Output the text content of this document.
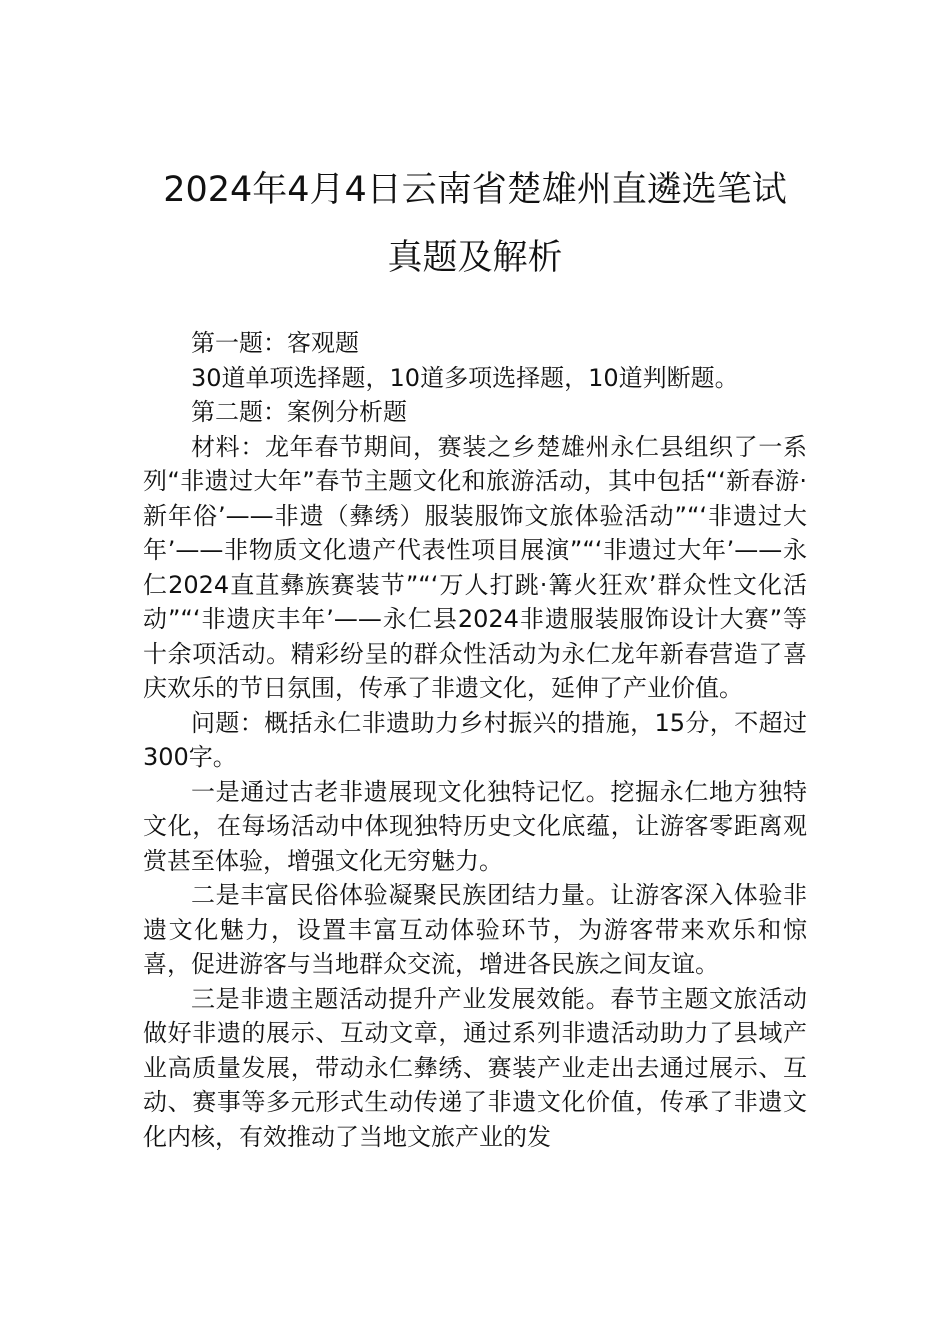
2024年4月4日云南省楚雄州直遴选笔试
真题及解析

第一题：客观题

30道单项选择题，10道多项选择题，10道判断题。

第二题：案例分析题

材料：龙年春节期间，赛装之乡楚雄州永仁县组织了一系列“非遗过大年”春节主题文化和旅游活动，其中包括“‘新春游·新年俗’——非遗（彝绣）服装服饰文旅体验活动”“‘非遗过大年’——非物质文化遗产代表性项目展演”“‘非遗过大年’——永仁2024直苴彝族赛装节”“‘万人打跳·篝火狂欢’群众性文化活动”“‘非遗庆丰年’——永仁县2024非遗服装服饰设计大赛”等十余项活动。精彩纷呈的群众性活动为永仁龙年新春营造了喜庆欢乐的节日氛围，传承了非遗文化，延伸了产业价值。

问题：概括永仁非遗助力乡村振兴的措施，15分，不超过300字。

一是通过古老非遗展现文化独特记忆。挖掘永仁地方独特文化，在每场活动中体现独特历史文化底蕴，让游客零距离观赏甚至体验，增强文化无穷魅力。

二是丰富民俗体验凝聚民族团结力量。让游客深入体验非遗文化魅力，设置丰富互动体验环节，为游客带来欢乐和惊喜，促进游客与当地群众交流，增进各民族之间友谊。

三是非遗主题活动提升产业发展效能。春节主题文旅活动做好非遗的展示、互动文章，通过系列非遗活动助力了县域产业高质量发展，带动永仁彝绣、赛装产业走出去通过展示、互动、赛事等多元形式生动传递了非遗文化价值，传承了非遗文化内核，有效推动了当地文旅产业的发
